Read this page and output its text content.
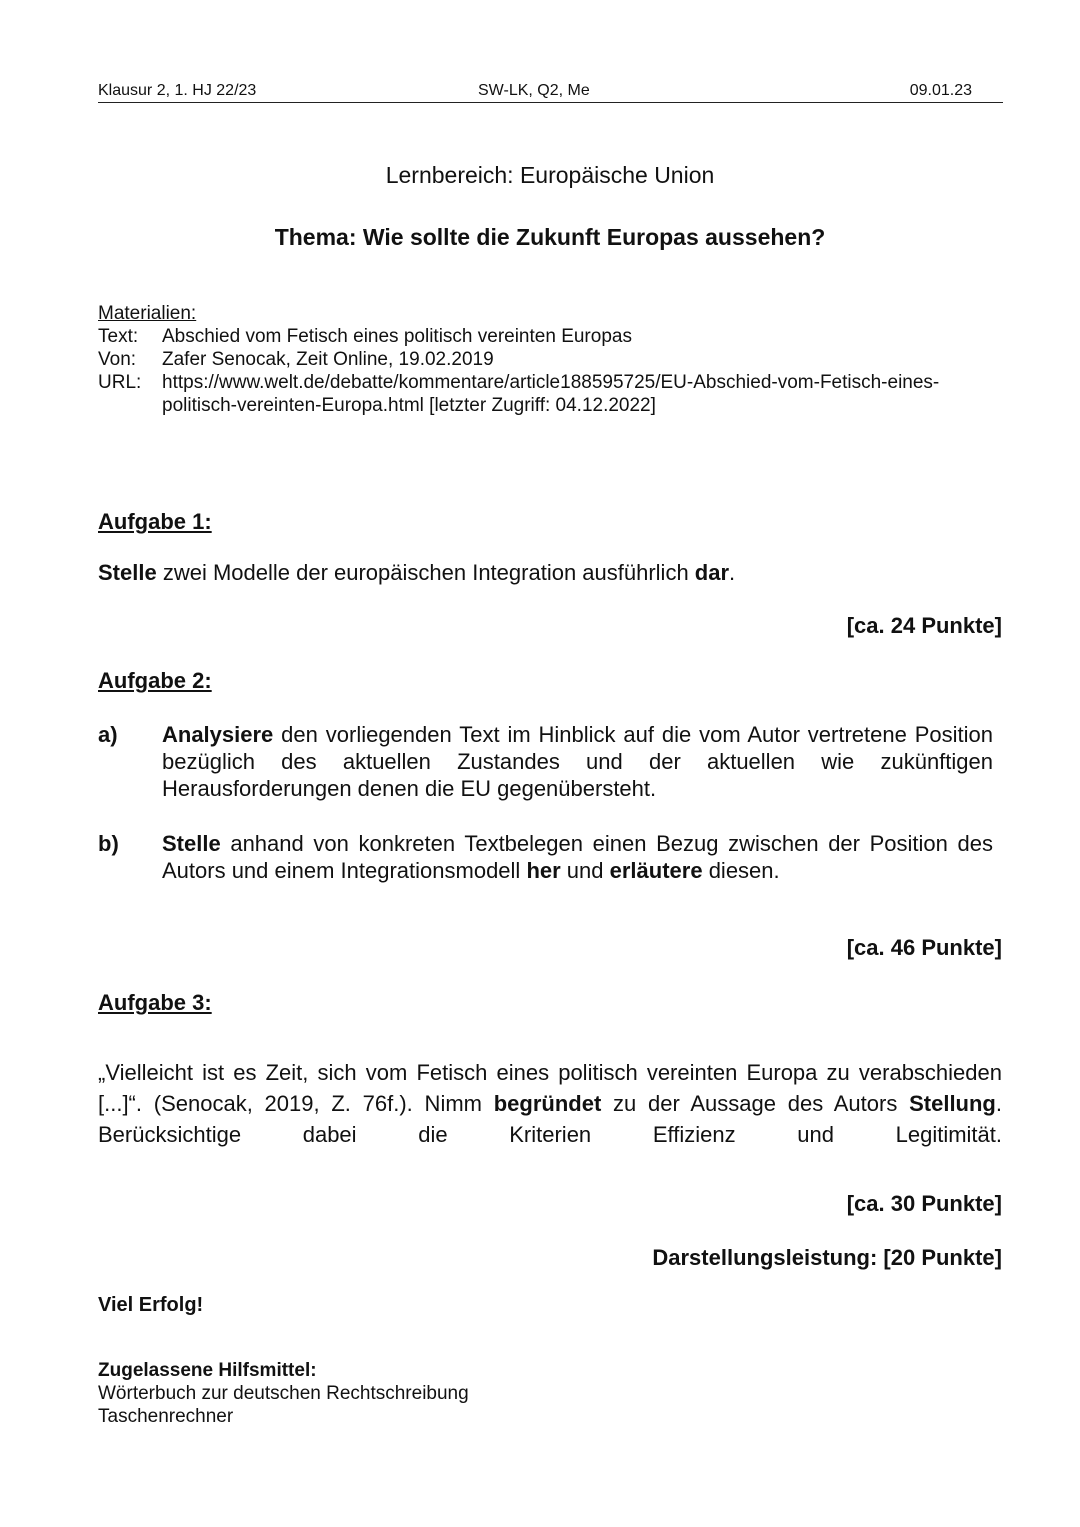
Klausur 2, 1. HJ 22/23	SW-LK, Q2, Me	09.01.23
Lernbereich: Europäische Union
Thema: Wie sollte die Zukunft Europas aussehen?
Materialien:
Text: Abschied vom Fetisch eines politisch vereinten Europas
Von: Zafer Senocak, Zeit Online, 19.02.2019
URL: https://www.welt.de/debatte/kommentare/article188595725/EU-Abschied-vom-Fetisch-eines-
politisch-vereinten-Europa.html [letzter Zugriff: 04.12.2022]
Aufgabe 1:
Stelle zwei Modelle der europäischen Integration ausführlich dar.
[ca. 24 Punkte]
Aufgabe 2:
a) Analysiere den vorliegenden Text im Hinblick auf die vom Autor vertretene Position bezüglich des aktuellen Zustandes und der aktuellen wie zukünftigen Herausforderungen denen die EU gegenübersteht.
b) Stelle anhand von konkreten Textbelegen einen Bezug zwischen der Position des Autors und einem Integrationsmodell her und erläutere diesen.
[ca. 46 Punkte]
Aufgabe 3:
„Vielleicht ist es Zeit, sich vom Fetisch eines politisch vereinten Europa zu verabschieden [...]“. (Senocak, 2019, Z. 76f.). Nimm begründet zu der Aussage des Autors Stellung. Berücksichtige dabei die Kriterien Effizienz und Legitimität.
[ca. 30 Punkte]
Darstellungsleistung: [20 Punkte]
Viel Erfolg!
Zugelassene Hilfsmittel:
Wörterbuch zur deutschen Rechtschreibung
Taschenrechner
